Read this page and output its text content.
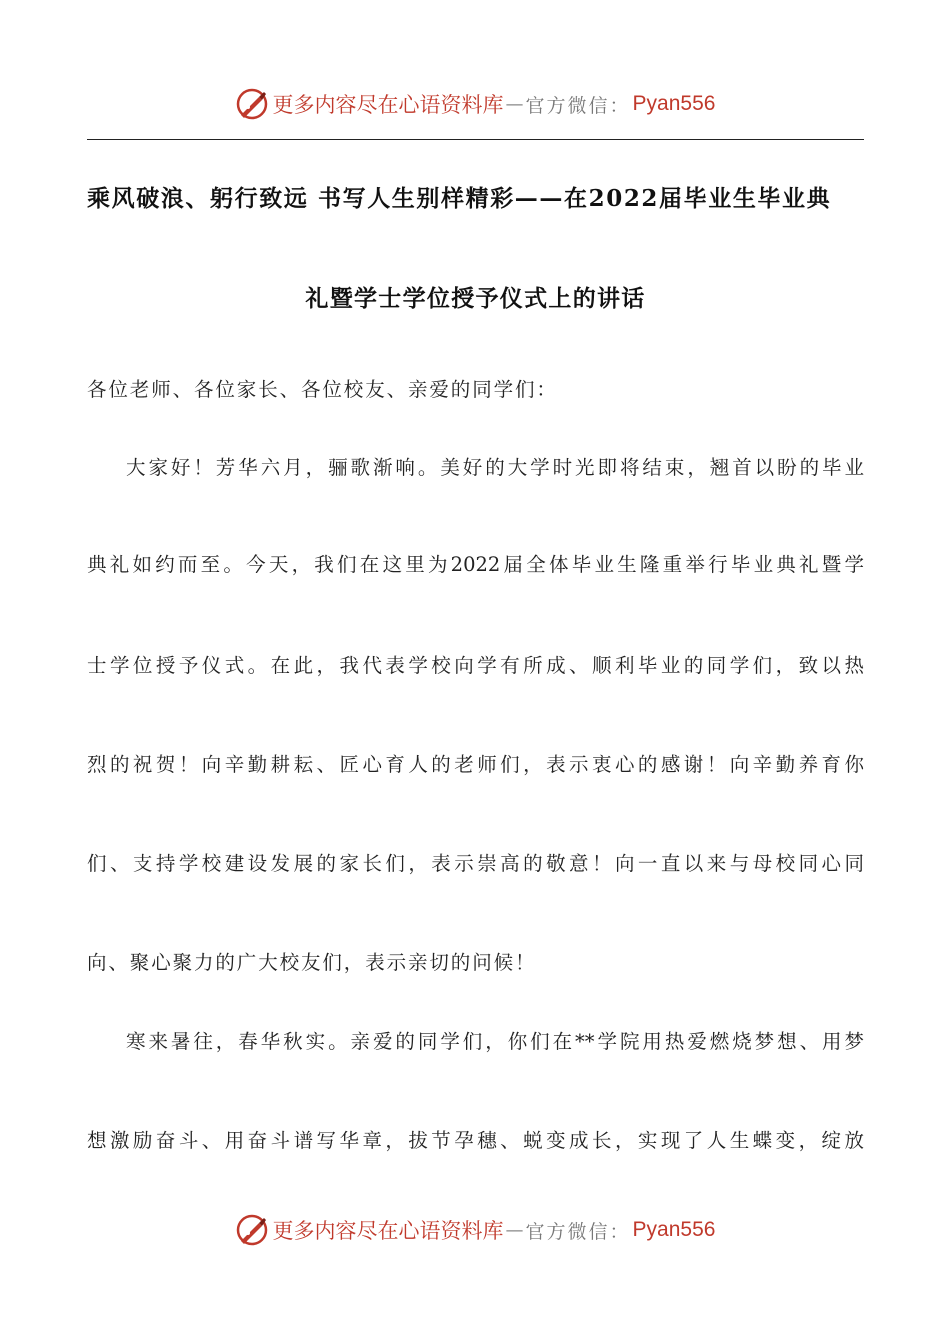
更多内容尽在心语资料库 — 官方微信： Pyan556
乘风破浪、躬行致远 书写人生别样精彩——在2022届毕业生毕业典
礼暨学士学位授予仪式上的讲话
各位老师、各位家长、各位校友、亲爱的同学们：
大家好！芳华六月，骊歌渐响。美好的大学时光即将结束，翘首以盼的毕业
典礼如约而至。今天，我们在这里为2022届全体毕业生隆重举行毕业典礼暨学
士学位授予仪式。在此，我代表学校向学有所成、顺利毕业的同学们，致以热
烈的祝贺！向辛勤耕耘、匠心育人的老师们，表示衷心的感谢！向辛勤养育你
们、支持学校建设发展的家长们，表示崇高的敬意！向一直以来与母校同心同
向、聚心聚力的广大校友们，表示亲切的问候！
寒来暑往，春华秋实。亲爱的同学们，你们在**学院用热爱燃烧梦想、用梦
想激励奋斗、用奋斗谱写华章，拔节孕穗、蜕变成长，实现了人生蝶变，绽放
更多内容尽在心语资料库 — 官方微信： Pyan556
